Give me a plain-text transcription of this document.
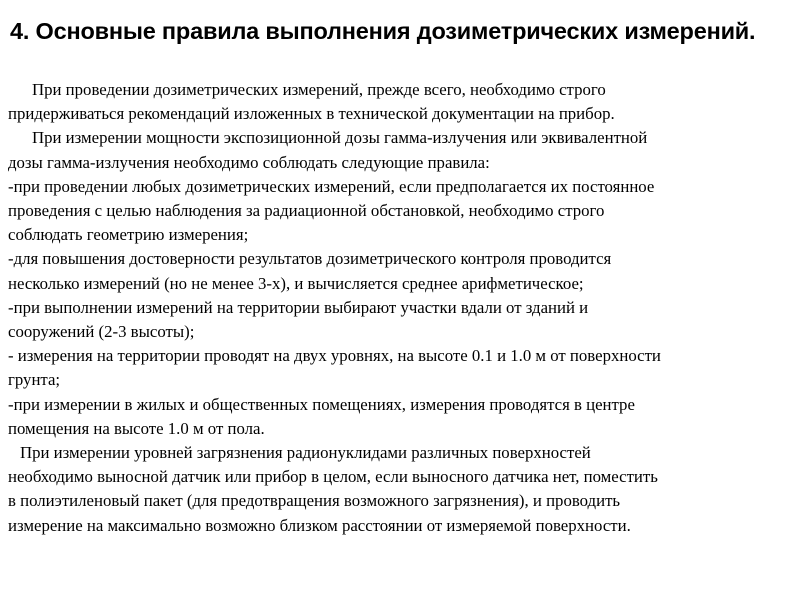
4. Основные правила выполнения дозиметрических измерений.

При проведении дозиметрических измерений, прежде всего, необходимо строго
придерживаться рекомендаций изложенных в технической документации на прибор.

При измерении мощности экспозиционной дозы гамма-излучения или эквивалентной
дозы гамма-излучения необходимо соблюдать следующие правила:

-при проведении любых дозиметрических измерений, если предполагается их постоянное
проведения с целью наблюдения за радиационной обстановкой, необходимо строго
соблюдать геометрию измерения;

-для повышения достоверности результатов дозиметрического контроля проводится
несколько измерений (но не менее 3-х), и вычисляется среднее арифметическое;

-при выполнении измерений на территории выбирают участки вдали от зданий и
сооружений (2-3 высоты);

- измерения на территории проводят на двух уровнях, на высоте 0.1 и 1.0 м от поверхности
грунта;

-при измерении в жилых и общественных помещениях, измерения проводятся в центре
помещения на высоте 1.0 м от пола.

При измерении уровней загрязнения радионуклидами различных поверхностей
необходимо выносной датчик или прибор в целом, если выносного датчика нет, поместить
в полиэтиленовый пакет (для предотвращения возможного загрязнения), и проводить
измерение на максимально возможно близком расстоянии от измеряемой поверхности.
